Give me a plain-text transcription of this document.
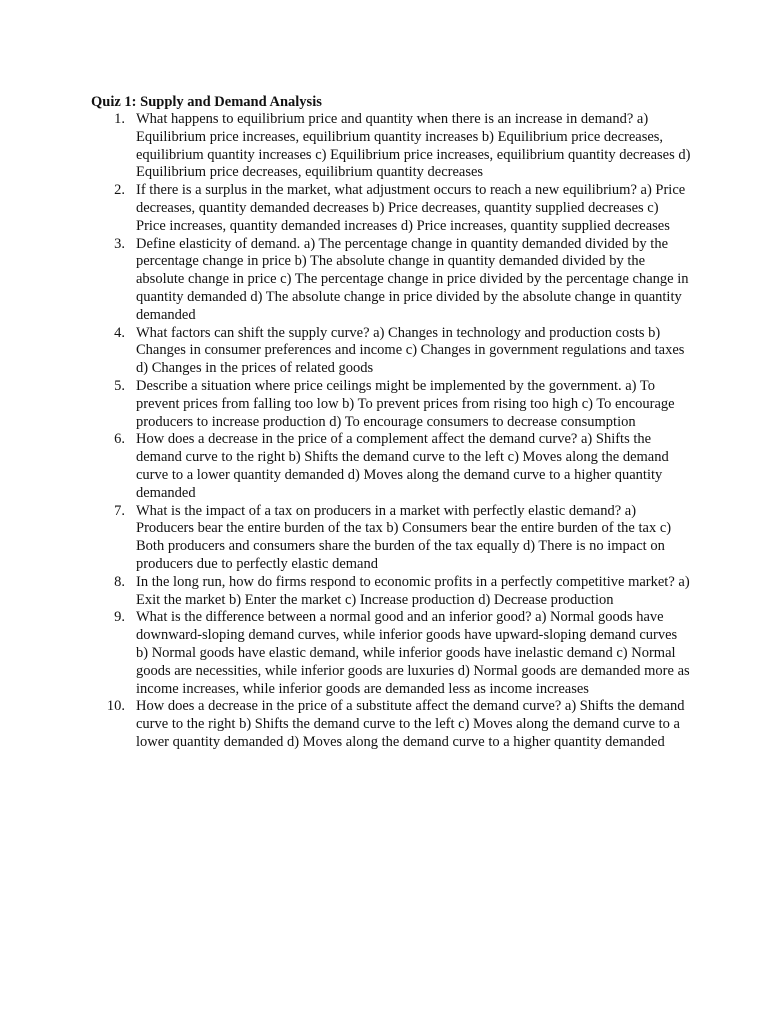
Quiz 1: Supply and Demand Analysis
1. What happens to equilibrium price and quantity when there is an increase in demand? a) Equilibrium price increases, equilibrium quantity increases b) Equilibrium price decreases, equilibrium quantity increases c) Equilibrium price increases, equilibrium quantity decreases d) Equilibrium price decreases, equilibrium quantity decreases
2. If there is a surplus in the market, what adjustment occurs to reach a new equilibrium? a) Price decreases, quantity demanded decreases b) Price decreases, quantity supplied decreases c) Price increases, quantity demanded increases d) Price increases, quantity supplied decreases
3. Define elasticity of demand. a) The percentage change in quantity demanded divided by the percentage change in price b) The absolute change in quantity demanded divided by the absolute change in price c) The percentage change in price divided by the percentage change in quantity demanded d) The absolute change in price divided by the absolute change in quantity demanded
4. What factors can shift the supply curve? a) Changes in technology and production costs b) Changes in consumer preferences and income c) Changes in government regulations and taxes d) Changes in the prices of related goods
5. Describe a situation where price ceilings might be implemented by the government. a) To prevent prices from falling too low b) To prevent prices from rising too high c) To encourage producers to increase production d) To encourage consumers to decrease consumption
6. How does a decrease in the price of a complement affect the demand curve? a) Shifts the demand curve to the right b) Shifts the demand curve to the left c) Moves along the demand curve to a lower quantity demanded d) Moves along the demand curve to a higher quantity demanded
7. What is the impact of a tax on producers in a market with perfectly elastic demand? a) Producers bear the entire burden of the tax b) Consumers bear the entire burden of the tax c) Both producers and consumers share the burden of the tax equally d) There is no impact on producers due to perfectly elastic demand
8. In the long run, how do firms respond to economic profits in a perfectly competitive market? a) Exit the market b) Enter the market c) Increase production d) Decrease production
9. What is the difference between a normal good and an inferior good? a) Normal goods have downward-sloping demand curves, while inferior goods have upward-sloping demand curves b) Normal goods have elastic demand, while inferior goods have inelastic demand c) Normal goods are necessities, while inferior goods are luxuries d) Normal goods are demanded more as income increases, while inferior goods are demanded less as income increases
10. How does a decrease in the price of a substitute affect the demand curve? a) Shifts the demand curve to the right b) Shifts the demand curve to the left c) Moves along the demand curve to a lower quantity demanded d) Moves along the demand curve to a higher quantity demanded
